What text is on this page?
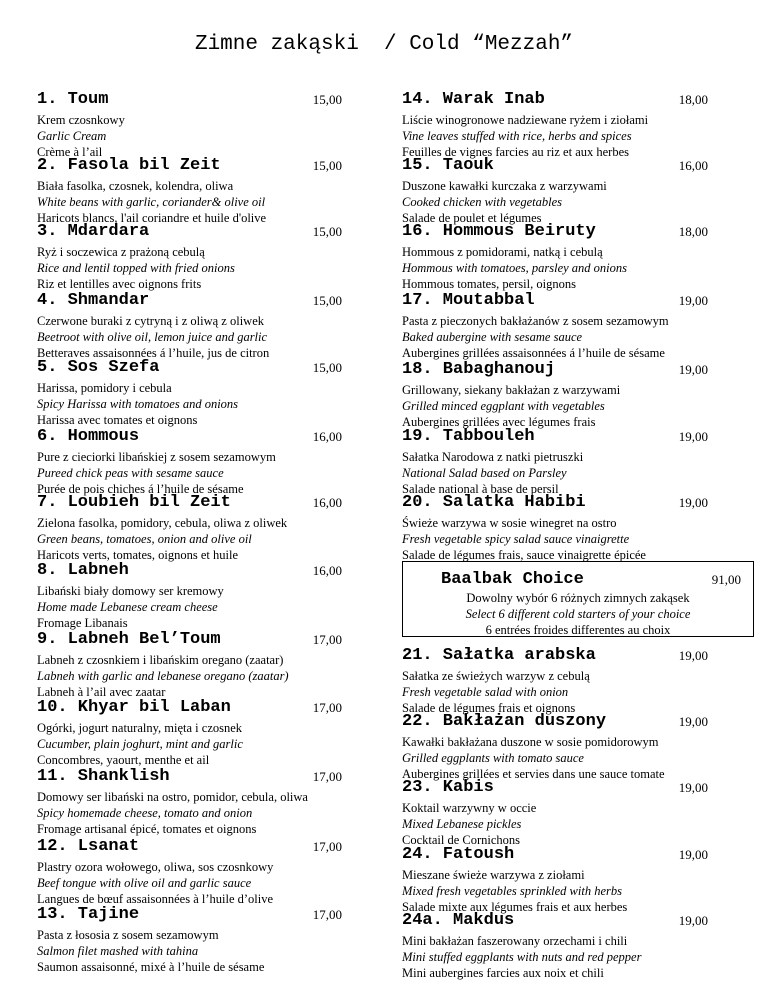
Zimne zakąski  / Cold “Mezzah”
1. Toum	15,00
Krem czosnkowy
Garlic Cream
Crème à l’ail
2. Fasola bil Zeit	15,00
Biała fasolka, czosnek, kolendra, oliwa
White beans with garlic, coriander& olive oil
Haricots blancs, l'ail coriandre et huile d'olive
3. Mdardara	15,00
Ryż i soczewica z prażoną cebulą
Rice and lentil topped with fried onions
Riz et lentilles avec oignons frits
4. Shmandar	15,00
Czerwone buraki z cytryną i z oliwą z oliwek
Beetroot with olive oil, lemon juice and garlic
Betteraves assaisonnées á l’huile, jus de citron
5. Sos Szefa	15,00
Harissa, pomidory i cebula
Spicy Harissa with tomatoes and onions
Harissa avec tomates et oignons
6. Hommous	16,00
Pure z cieciorki libańskiej z sosem sezamowym
Pureed chick peas with sesame sauce
Purée de pois chiches á l’huile de sésame
7. Loubieh bil Zeit	16,00
Zielona fasolka, pomidory, cebula, oliwa z oliwek
Green beans, tomatoes, onion and olive oil
Haricots verts, tomates, oignons et huile
8. Labneh	16,00
Libański biały domowy ser kremowy
Home made Lebanese cream cheese
Fromage Libanais
9. Labneh Bel’Toum	17,00
Labneh z czosnkiem i libańskim oregano (zaatar)
Labneh with garlic and lebanese oregano (zaatar)
Labneh à l’ail avec zaatar
10. Khyar bil Laban	17,00
Ogórki, jogurt naturalny, mięta i czosnek
Cucumber, plain joghurt, mint and garlic
Concombres, yaourt, menthe et ail
11. Shanklish	17,00
Domowy ser libański na ostro, pomidor, cebula, oliwa
Spicy homemade cheese, tomato and onion
Fromage artisanal épicé, tomates et oignons
12. Lsanat	17,00
Plastry ozora wołowego, oliwa, sos czosnkowy
Beef tongue with olive oil and garlic sauce
Langues de bœuf assaisonnées à l’huile d’olive
13. Tajine	17,00
Pasta z łososia z sosem sezamowym
Salmon filet mashed with tahina
Saumon assaisonné, mixé à l’huile de sésame
14. Warak Inab	18,00
Liście winogronowe nadziewane ryżem i ziołami
Vine leaves stuffed with rice, herbs and spices
Feuilles de vignes farcies au riz et aux herbes
15. Taouk	16,00
Duszone kawałki kurczaka z warzywami
Cooked chicken with vegetables
Salade de poulet et légumes
16. Hommous Beiruty	18,00
Hommous z pomidorami, natką i cebulą
Hommous with tomatoes, parsley and onions
Hommous tomates, persil, oignons
17. Moutabbal	19,00
Pasta z pieczonych bakłażanów z sosem sezamowym
Baked aubergine with sesame sauce
Aubergines grillées assaisonnées á l’huile de sésame
18. Babaghanouj	19,00
Grillowany, siekany bakłażan z warzywami
Grilled minced eggplant with vegetables
Aubergines grillées avec légumes frais
19. Tabbouleh	19,00
Sałatka Narodowa z natki pietruszki
National Salad based on Parsley
Salade national à base de persil
20. Salatka Habibi	19,00
Świeże warzywa w sosie winegret na ostro
Fresh vegetable spicy salad sauce vinaigrette
Salade de légumes frais, sauce vinaigrette épicée
21. Sałatka arabska	19,00
Sałatka ze świeżych warzyw z cebulą
Fresh vegetable salad with onion
Salade de légumes frais et oignons
22. Bakłażan duszony	19,00
Kawałki bakłażana duszone w sosie pomidorowym
Grilled eggplants with tomato sauce
Aubergines grillées et servies dans une sauce tomate
23. Kabis	19,00
Koktail warzywny w occie
Mixed Lebanese pickles
Cocktail de Cornichons
24. Fatoush	19,00
Mieszane świeże warzywa z ziołami
Mixed fresh vegetables sprinkled with herbs
Salade mixte aux légumes frais et aux herbes
24a. Makdus	19,00
Mini bakłażan faszerowany orzechami i chili
Mini stuffed eggplants with nuts and red pepper
Mini aubergines farcies aux noix et chili
Baalbak Choice	91,00
Dowolny wybór 6 różnych zimnych zakąsek
Select 6 different cold starters of your choice
6 entrées froides differentes au choix
